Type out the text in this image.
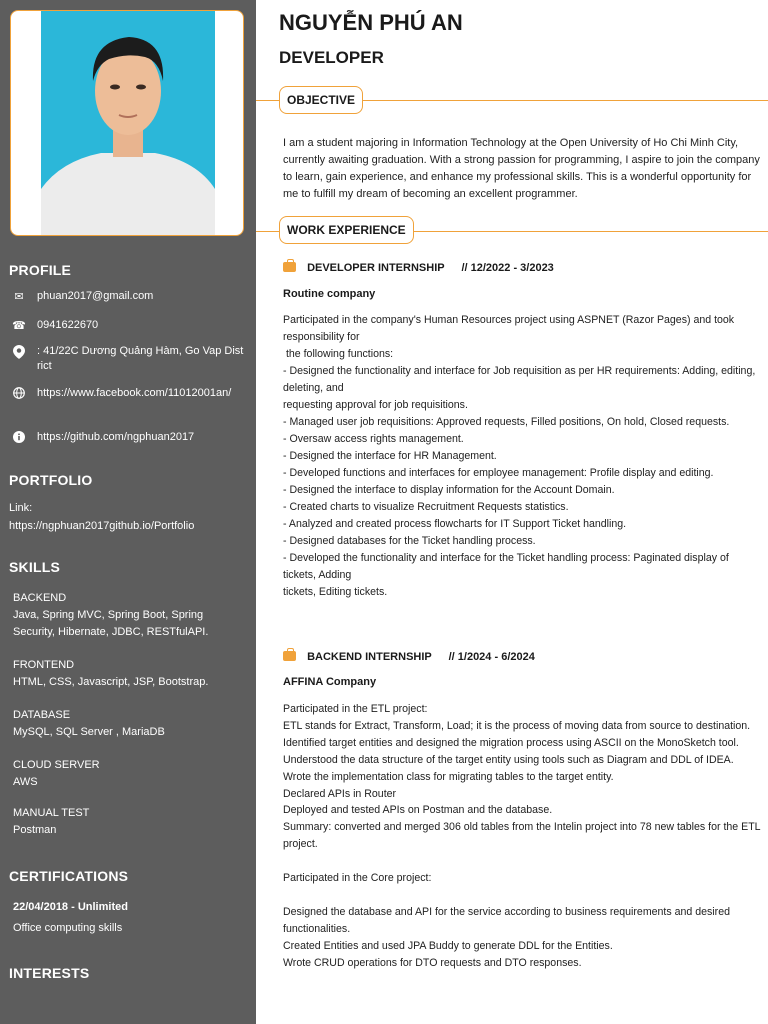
PROFILE
✉ phuan2017@gmail.com
☎ 0941622670
: 41/22C Dương Quảng Hàm, Go Vap District
https://www.facebook.com/11012001an/
https://github.com/ngphuan2017
PORTFOLIO
Link:
https://ngphuan2017github.io/Portfolio
SKILLS
BACKEND
Java, Spring MVC, Spring Boot, Spring Security, Hibernate, JDBC, RESTfulAPI.
FRONTEND
HTML, CSS, Javascript, JSP, Bootstrap.
DATABASE
MySQL, SQL Server , MariaDB
CLOUD SERVER
AWS
MANUAL TEST
Postman
CERTIFICATIONS
22/04/2018 - Unlimited
Office computing skills
INTERESTS
NGUYỄN PHÚ AN
DEVELOPER
OBJECTIVE
I am a student majoring in Information Technology at the Open University of Ho Chi Minh City, currently awaiting graduation. With a strong passion for programming, I aspire to join the company to learn, gain experience, and enhance my professional skills. This is a wonderful opportunity for me to fulfill my dream of becoming an excellent programmer.
WORK EXPERIENCE
DEVELOPER INTERNSHIP // 12/2022 - 3/2023
Routine company
Participated in the company's Human Resources project using ASPNET (Razor Pages) and took responsibility for
the following functions:
- Designed the functionality and interface for Job requisition as per HR requirements: Adding, editing, deleting, and
requesting approval for job requisitions.
- Managed user job requisitions: Approved requests, Filled positions, On hold, Closed requests.
- Oversaw access rights management.
- Designed the interface for HR Management.
- Developed functions and interfaces for employee management: Profile display and editing.
- Designed the interface to display information for the Account Domain.
- Created charts to visualize Recruitment Requests statistics.
- Analyzed and created process flowcharts for IT Support Ticket handling.
- Designed databases for the Ticket handling process.
- Developed the functionality and interface for the Ticket handling process: Paginated display of tickets, Adding
tickets, Editing tickets.
BACKEND INTERNSHIP // 1/2024 - 6/2024
AFFINA Company
Participated in the ETL project:
ETL stands for Extract, Transform, Load; it is the process of moving data from source to destination.
Identified target entities and designed the migration process using ASCII on the MonoSketch tool.
Understood the data structure of the target entity using tools such as Diagram and DDL of IDEA.
Wrote the implementation class for migrating tables to the target entity.
Declared APIs in Router
Deployed and tested APIs on Postman and the database.
Summary: converted and merged 306 old tables from the Intelin project into 78 new tables for the ETL project.
Participated in the Core project:
Designed the database and API for the service according to business requirements and desired functionalities.
Created Entities and used JPA Buddy to generate DDL for the Entities.
Wrote CRUD operations for DTO requests and DTO responses.
